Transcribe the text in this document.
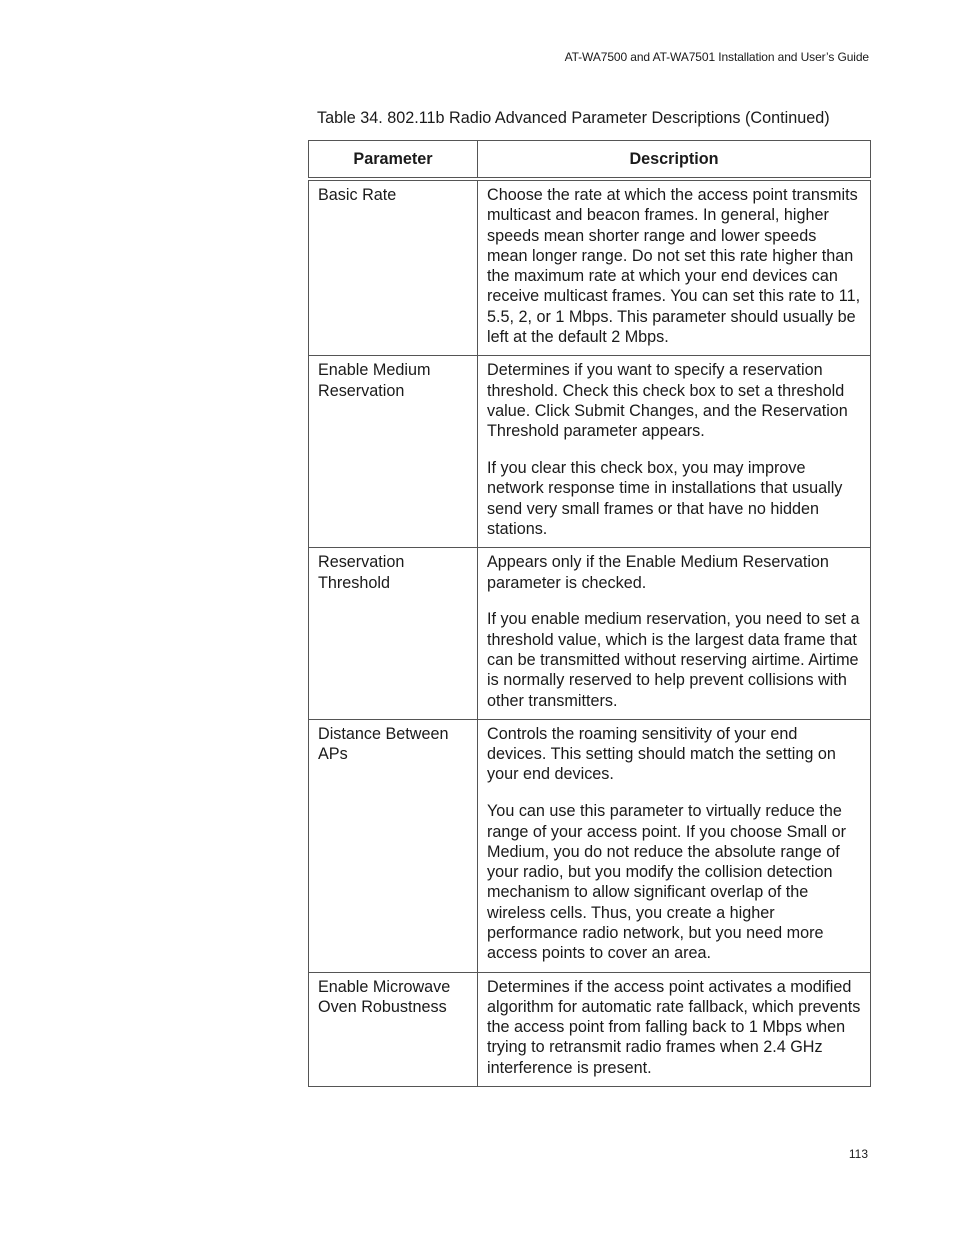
AT-WA7500 and AT-WA7501 Installation and User’s Guide
Table 34. 802.11b Radio Advanced Parameter Descriptions (Continued)
Parameter	Description
Basic Rate	Choose the rate at which the access point transmits multicast and beacon frames. In general, higher speeds mean shorter range and lower speeds mean longer range. Do not set this rate higher than the maximum rate at which your end devices can receive multicast frames. You can set this rate to 11, 5.5, 2, or 1 Mbps. This parameter should usually be left at the default 2 Mbps.

Enable Medium Reservation	Determines if you want to specify a reservation threshold. Check this check box to set a threshold value. Click Submit Changes, and the Reservation Threshold parameter appears.

If you clear this check box, you may improve network response time in installations that usually send very small frames or that have no hidden stations.

Reservation Threshold	Appears only if the Enable Medium Reservation parameter is checked.

If you enable medium reservation, you need to set a threshold value, which is the largest data frame that can be transmitted without reserving airtime. Airtime is normally reserved to help prevent collisions with other transmitters.

Distance Between APs	Controls the roaming sensitivity of your end devices. This setting should match the setting on your end devices.

You can use this parameter to virtually reduce the range of your access point. If you choose Small or Medium, you do not reduce the absolute range of your radio, but you modify the collision detection mechanism to allow significant overlap of the wireless cells. Thus, you create a higher performance radio network, but you need more access points to cover an area.

Enable Microwave Oven Robustness	Determines if the access point activates a modified algorithm for automatic rate fallback, which prevents the access point from falling back to 1 Mbps when trying to retransmit radio frames when 2.4 GHz interference is present.

113
